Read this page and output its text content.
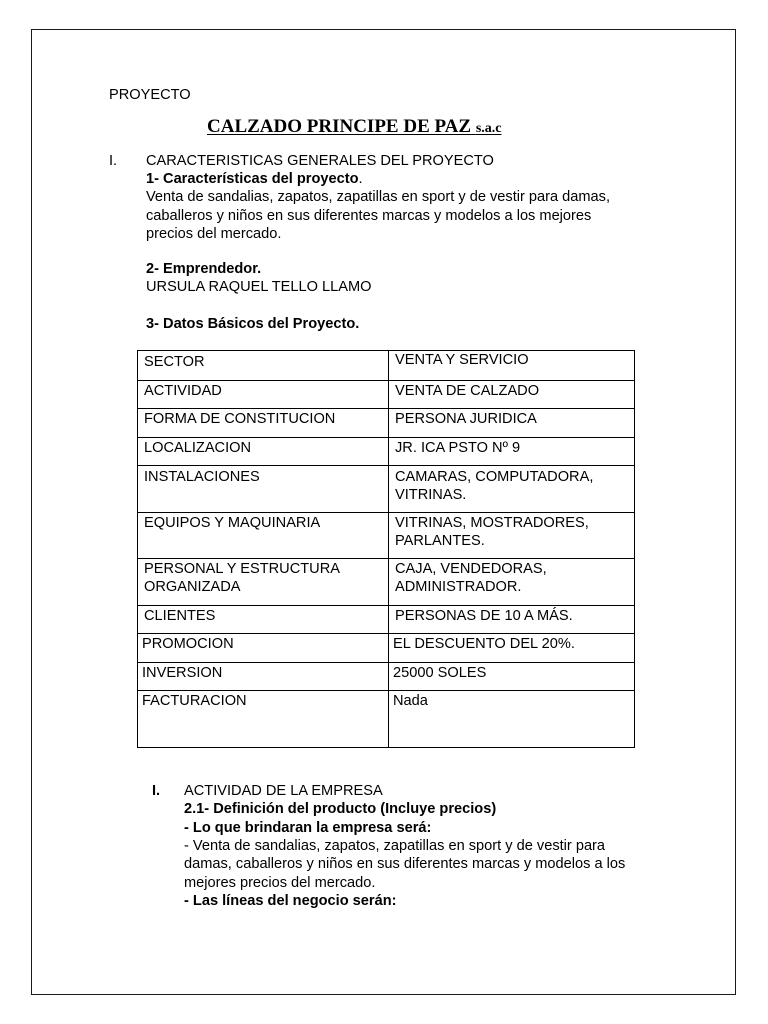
PROYECTO
CALZADO PRINCIPE DE PAZ s.a.c
I. CARACTERISTICAS GENERALES DEL PROYECTO
1- Características del proyecto.
Venta de sandalias, zapatos, zapatillas en sport y de vestir para damas,
caballeros y niños en sus diferentes marcas y modelos a los mejores
precios del mercado.
2- Emprendedor.
URSULA RAQUEL TELLO LLAMO
3- Datos Básicos del Proyecto.
SECTOR	VENTA Y SERVICIO
ACTIVIDAD	VENTA DE CALZADO
FORMA DE CONSTITUCION	PERSONA JURIDICA
LOCALIZACION	JR. ICA PSTO Nº 9
INSTALACIONES	CAMARAS, COMPUTADORA, VITRINAS.
EQUIPOS Y MAQUINARIA	VITRINAS, MOSTRADORES, PARLANTES.
PERSONAL Y ESTRUCTURA ORGANIZADA	CAJA, VENDEDORAS, ADMINISTRADOR.
CLIENTES	PERSONAS DE 10 A MÁS.
PROMOCION	EL DESCUENTO DEL 20%.
INVERSION	25000 SOLES
FACTURACION	Nada
I. ACTIVIDAD DE LA EMPRESA
2.1- Definición del producto (Incluye precios)
- Lo que brindaran la empresa será:
- Venta de sandalias, zapatos, zapatillas en sport y de vestir para
damas, caballeros y niños en sus diferentes marcas y modelos a los
mejores precios del mercado.
- Las líneas del negocio serán:
